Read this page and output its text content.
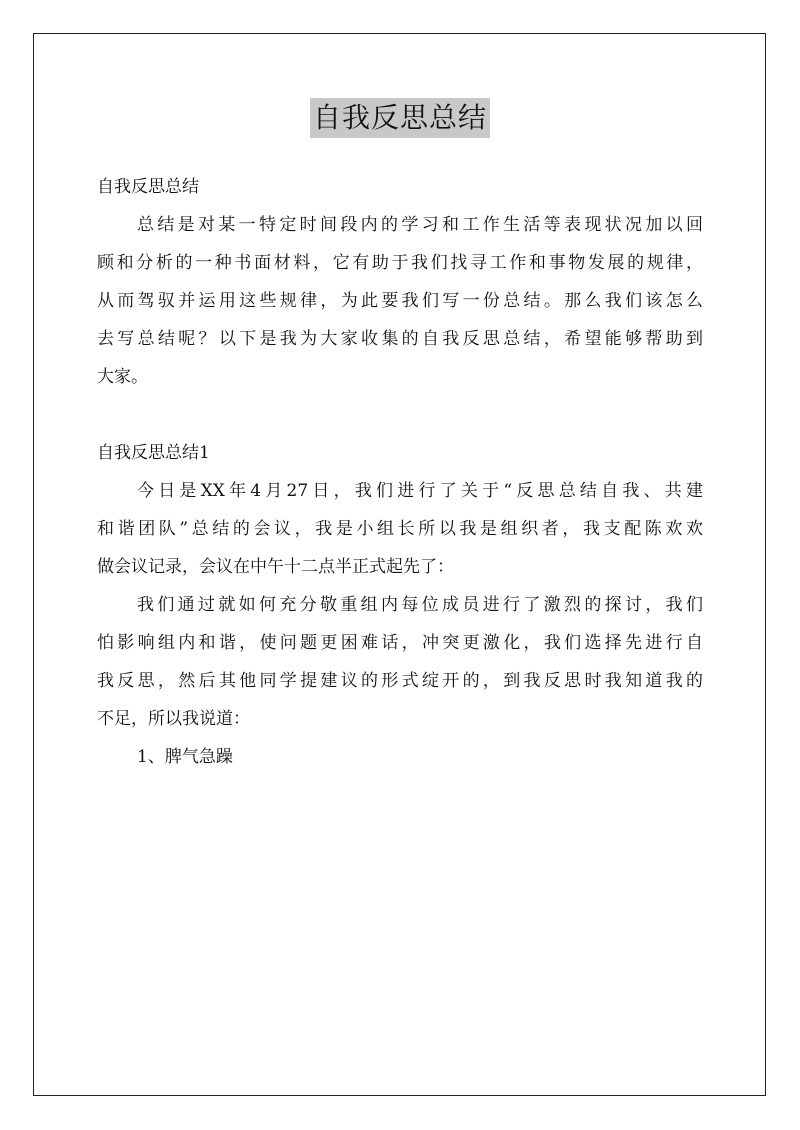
自我反思总结
自我反思总结
总结是对某一特定时间段内的学习和工作生活等表现状况加以回
顾和分析的一种书面材料，它有助于我们找寻工作和事物发展的规律，
从而驾驭并运用这些规律，为此要我们写一份总结。那么我们该怎么
去写总结呢？以下是我为大家收集的自我反思总结，希望能够帮助到
大家。
自我反思总结1
今日是XX年4月27日，我们进行了关于“反思总结自我、共建
和谐团队”总结的会议，我是小组长所以我是组织者，我支配陈欢欢
做会议记录，会议在中午十二点半正式起先了：
我们通过就如何充分敬重组内每位成员进行了激烈的探讨，我们
怕影响组内和谐，使问题更困难话，冲突更激化，我们选择先进行自
我反思，然后其他同学提建议的形式绽开的，到我反思时我知道我的
不足，所以我说道：
1、脾气急躁
